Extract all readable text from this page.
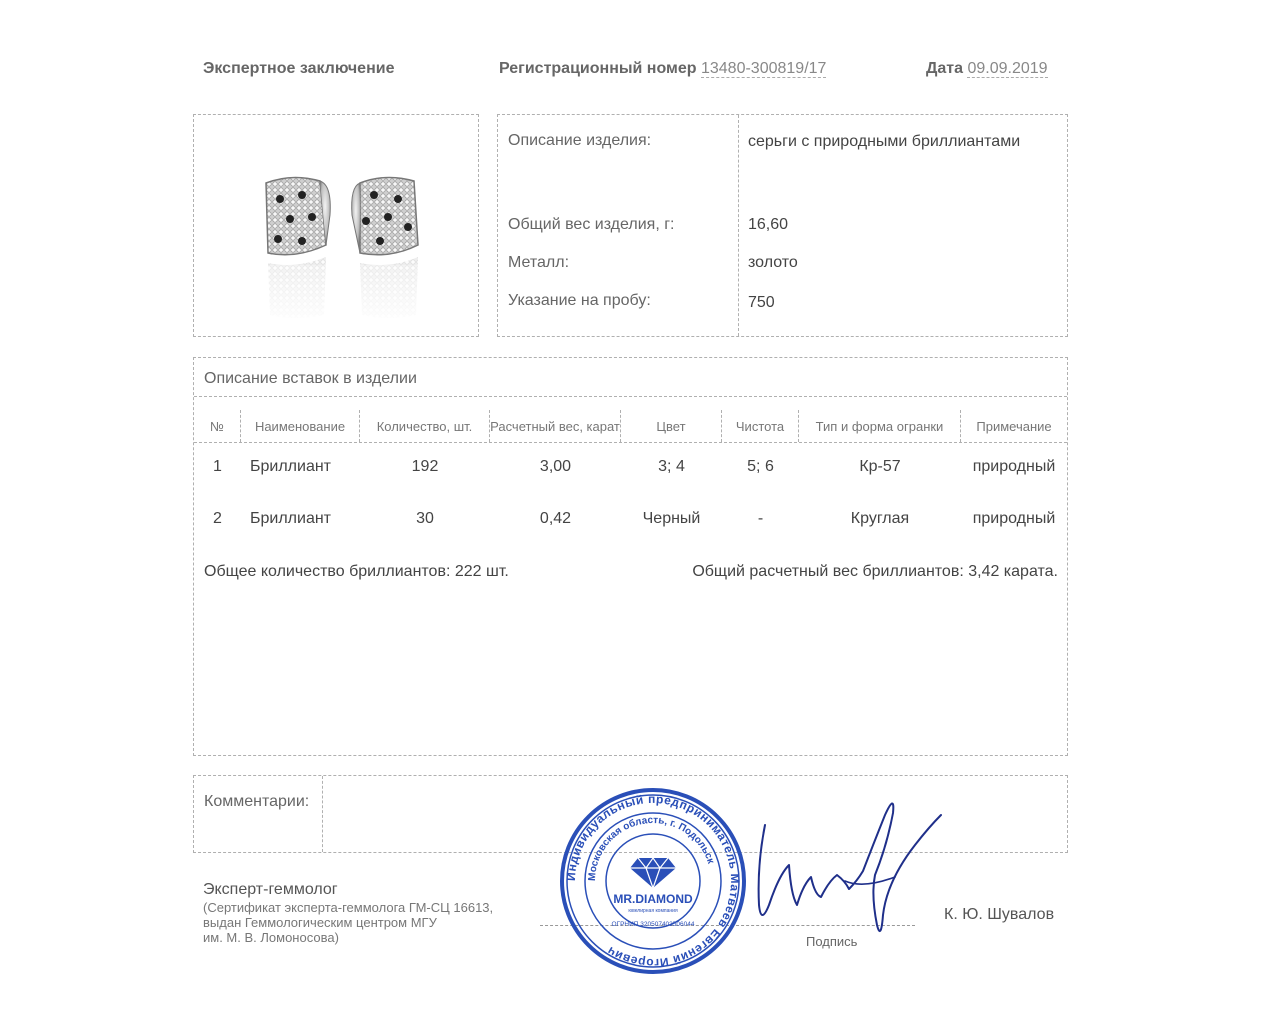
Экспертное заключение	Регистрационный номер 13480-300819/17	Дата 09.09.2019
Описание изделия:	серьги с природными бриллиантами
Общий вес изделия, г:	16,60
Металл:	золото
Указание на пробу:	750
Описание вставок в изделии
№	Наименование	Количество, шт.	Расчетный вес, карат	Цвет	Чистота	Тип и форма огранки	Примечание
1	Бриллиант	192	3,00	3; 4	5; 6	Кр-57	природный
2	Бриллиант	30	0,42	Черный	-	Круглая	природный
Общее количество бриллиантов: 222 шт.	Общий расчетный вес бриллиантов: 3,42 карата.
Комментарии:
Эксперт-геммолог
(Сертификат эксперта-геммолога ГМ-СЦ 16613,
выдан Геммологическим центром МГУ
им. М. В. Ломоносова)	Подпись
К. Ю. Шувалов
Индивидуальный предприниматель Матвеев Евгений Игоревич
Московская область, г. Подольск
MR.DIAMOND
ювелирная компания
ОГРНИП 320507403506044
